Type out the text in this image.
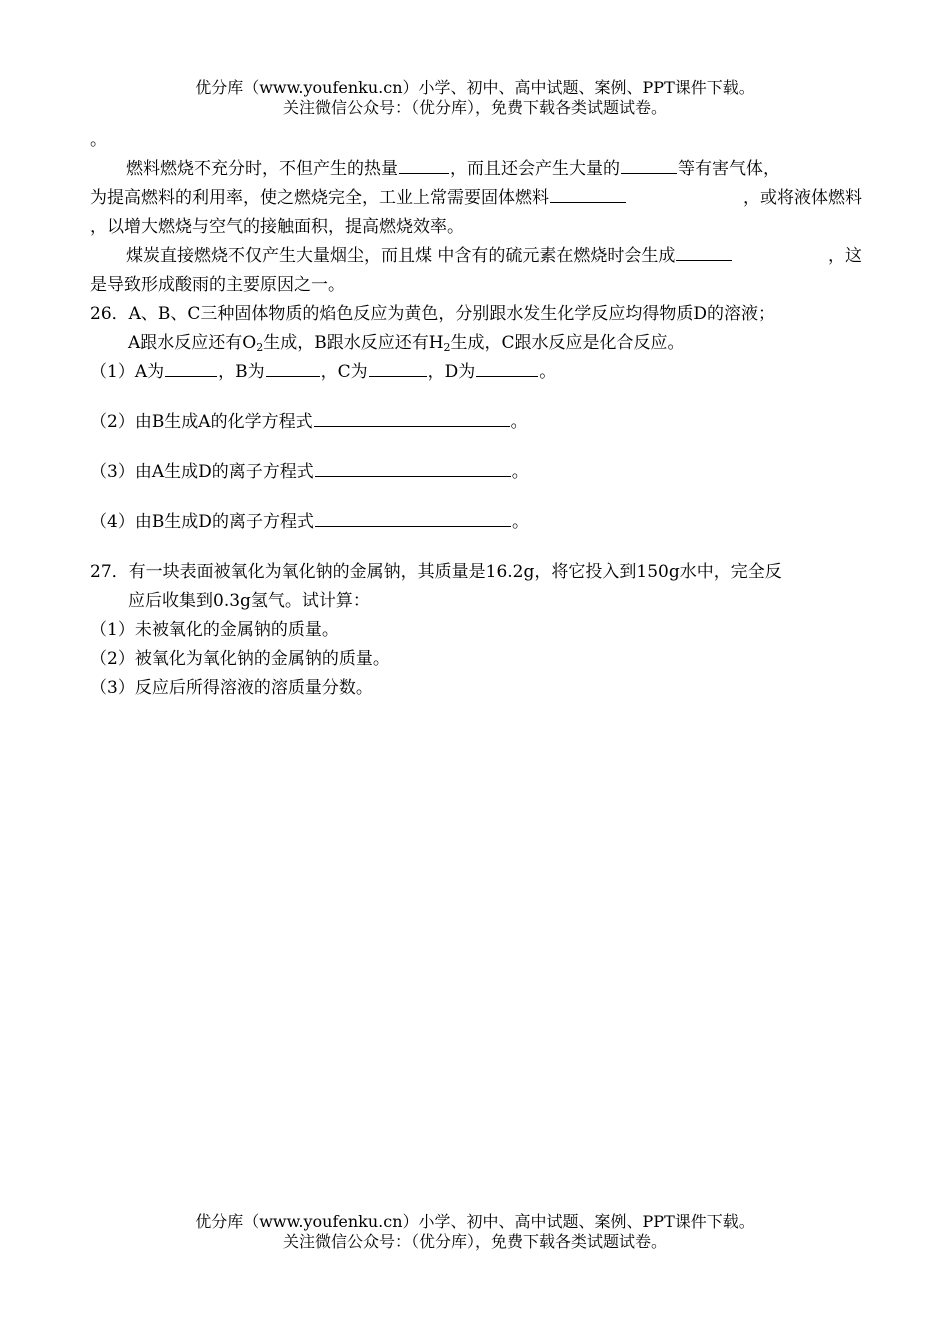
优分库（www.youfenku.cn）小学、初中、高中试题、案例、PPT课件下载。
关注微信公众号：（优分库），免费下载各类试题试卷。
。
燃料燃烧不充分时，不但产生的热量	，而且还会产生大量的	等有害气体，
为提高燃料的利用率，使之燃烧完全，工业上常需要固体燃料	，或将液体燃料
，以增大燃烧与空气的接触面积，提高燃烧效率。
煤炭直接燃烧不仅产生大量烟尘，而且煤 中含有的硫元素在燃烧时会生成	，这
是导致形成酸雨的主要原因之一。
26．A、B、C三种固体物质的焰色反应为黄色，分别跟水发生化学反应均得物质D的溶液；
A跟水反应还有$O_2$生成，B跟水反应还有$H_2$生成，C跟水反应是化合反应。
（1）A为	，B为	，C为	，D为	。
（2）由B生成A的化学方程式	。
（3）由A生成D的离子方程式	。
（4）由B生成D的离子方程式	。
27．有一块表面被氧化为氧化钠的金属钠，其质量是16.2g，将它投入到150g水中，完全反
应后收集到0.3g氢气。试计算：
（1）未被氧化的金属钠的质量。
（2）被氧化为氧化钠的金属钠的质量。
（3）反应后所得溶液的溶质量分数。
优分库（www.youfenku.cn）小学、初中、高中试题、案例、PPT课件下载。
关注微信公众号：（优分库），免费下载各类试题试卷。
